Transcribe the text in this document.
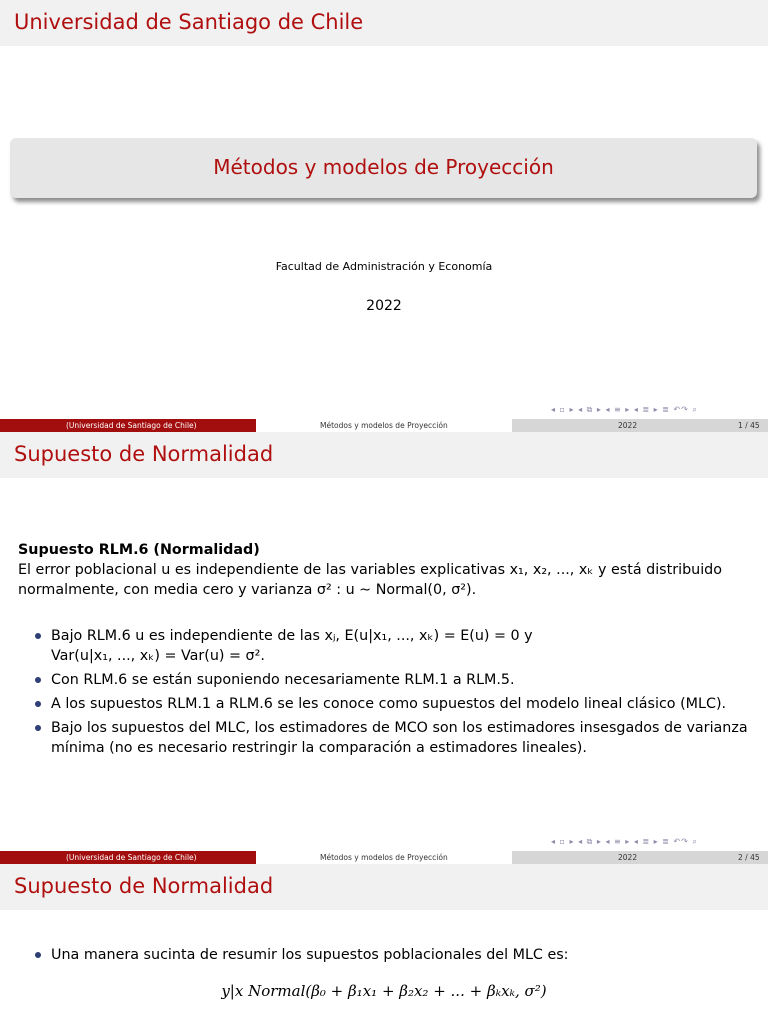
Universidad de Santiago de Chile
Métodos y modelos de Proyección
Facultad de Administración y Economía
2022
◂ ▫ ▸ ◂ ⧉ ▸ ◂ ≡ ▸ ◂ ≣ ▸ ≣ ↶↷ ⌕
(Universidad de Santiago de Chile)	Métodos y modelos de Proyección	2022	1 / 45
Supuesto de Normalidad
Supuesto RLM.6 (Normalidad)
El error poblacional u es independiente de las variables explicativas x₁, x₂, ..., xₖ y está distribuido
normalmente, con media cero y varianza σ² : u ∼ Normal(0, σ²).
Bajo RLM.6 u es independiente de las xⱼ, E(u|x₁, ..., xₖ) = E(u) = 0 y
Var(u|x₁, ..., xₖ) = Var(u) = σ².
Con RLM.6 se están suponiendo necesariamente RLM.1 a RLM.5.
A los supuestos RLM.1 a RLM.6 se les conoce como supuestos del modelo lineal clásico (MLC).
Bajo los supuestos del MLC, los estimadores de MCO son los estimadores insesgados de varianza
mínima (no es necesario restringir la comparación a estimadores lineales).
◂ ▫ ▸ ◂ ⧉ ▸ ◂ ≡ ▸ ◂ ≣ ▸ ≣ ↶↷ ⌕
(Universidad de Santiago de Chile)	Métodos y modelos de Proyección	2022	2 / 45
Supuesto de Normalidad
Una manera sucinta de resumir los supuestos poblacionales del MLC es:
y|x Normal(β₀ + β₁x₁ + β₂x₂ + ... + βₖxₖ, σ²)
